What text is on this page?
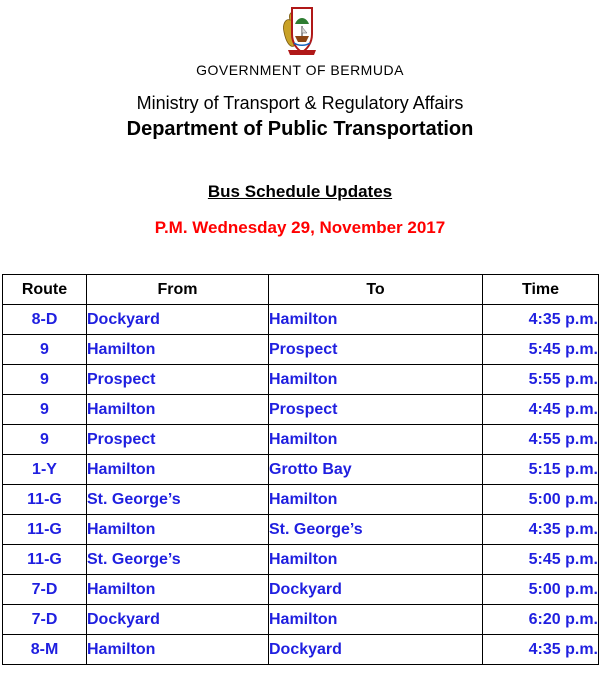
GOVERNMENT OF BERMUDA
Ministry of Transport & Regulatory Affairs
Department of Public Transportation
Bus Schedule Updates
P.M. Wednesday 29, November 2017
Route	From	To	Time
8-D	Dockyard	Hamilton	4:35 p.m.
9	Hamilton	Prospect	5:45 p.m.
9	Prospect	Hamilton	5:55 p.m.
9	Hamilton	Prospect	4:45 p.m.
9	Prospect	Hamilton	4:55 p.m.
1-Y	Hamilton	Grotto Bay	5:15 p.m.
11-G	St. George’s	Hamilton	5:00 p.m.
11-G	Hamilton	St. George’s	4:35 p.m.
11-G	St. George’s	Hamilton	5:45 p.m.
7-D	Hamilton	Dockyard	5:00 p.m.
7-D	Dockyard	Hamilton	6:20 p.m.
8-M	Hamilton	Dockyard	4:35 p.m.
